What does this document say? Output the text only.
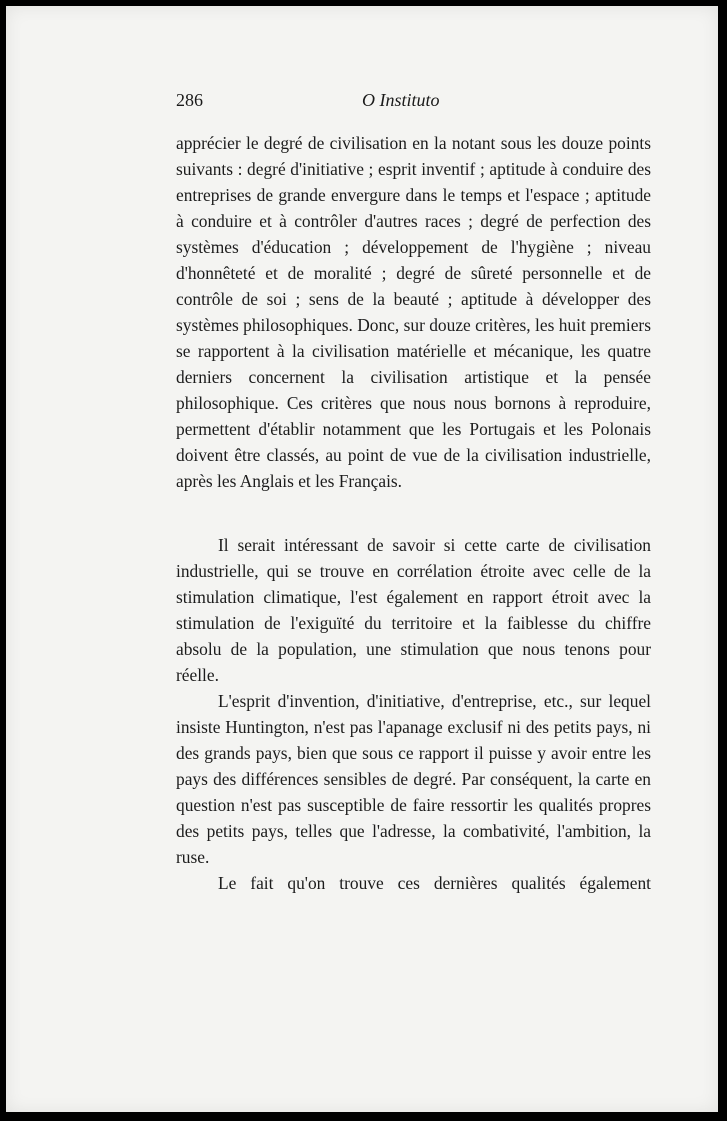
286	O Instituto

apprécier le degré de civilisation en la notant sous les douze points suivants : degré d'initiative ; esprit inventif ; aptitude à conduire des entreprises de grande envergure dans le temps et l'espace ; aptitude à conduire et à contrôler d'autres races ; degré de perfection des systèmes d'éducation ; développement de l'hygiène ; niveau d'honnêteté et de moralité ; degré de sûreté personnelle et de contrôle de soi ; sens de la beauté ; aptitude à développer des systèmes philosophiques. Donc, sur douze critères, les huit premiers se rapportent à la civilisation matérielle et mécanique, les quatre derniers concernent la civilisation artistique et la pensée philosophique. Ces critères que nous nous bornons à reproduire, permettent d'établir notamment que les Portugais et les Polonais doivent être classés, au point de vue de la civilisation industrielle, après les Anglais et les Français.

Il serait intéressant de savoir si cette carte de civilisation industrielle, qui se trouve en corrélation étroite avec celle de la stimulation climatique, l'est également en rapport étroit avec la stimulation de l'exiguïté du territoire et la faiblesse du chiffre absolu de la population, une stimulation que nous tenons pour réelle.

L'esprit d'invention, d'initiative, d'entreprise, etc., sur lequel insiste Huntington, n'est pas l'apanage exclusif ni des petits pays, ni des grands pays, bien que sous ce rapport il puisse y avoir entre les pays des différences sensibles de degré. Par conséquent, la carte en question n'est pas susceptible de faire ressortir les qualités propres des petits pays, telles que l'adresse, la combativité, l'ambition, la ruse.

Le fait qu'on trouve ces dernières qualités également
